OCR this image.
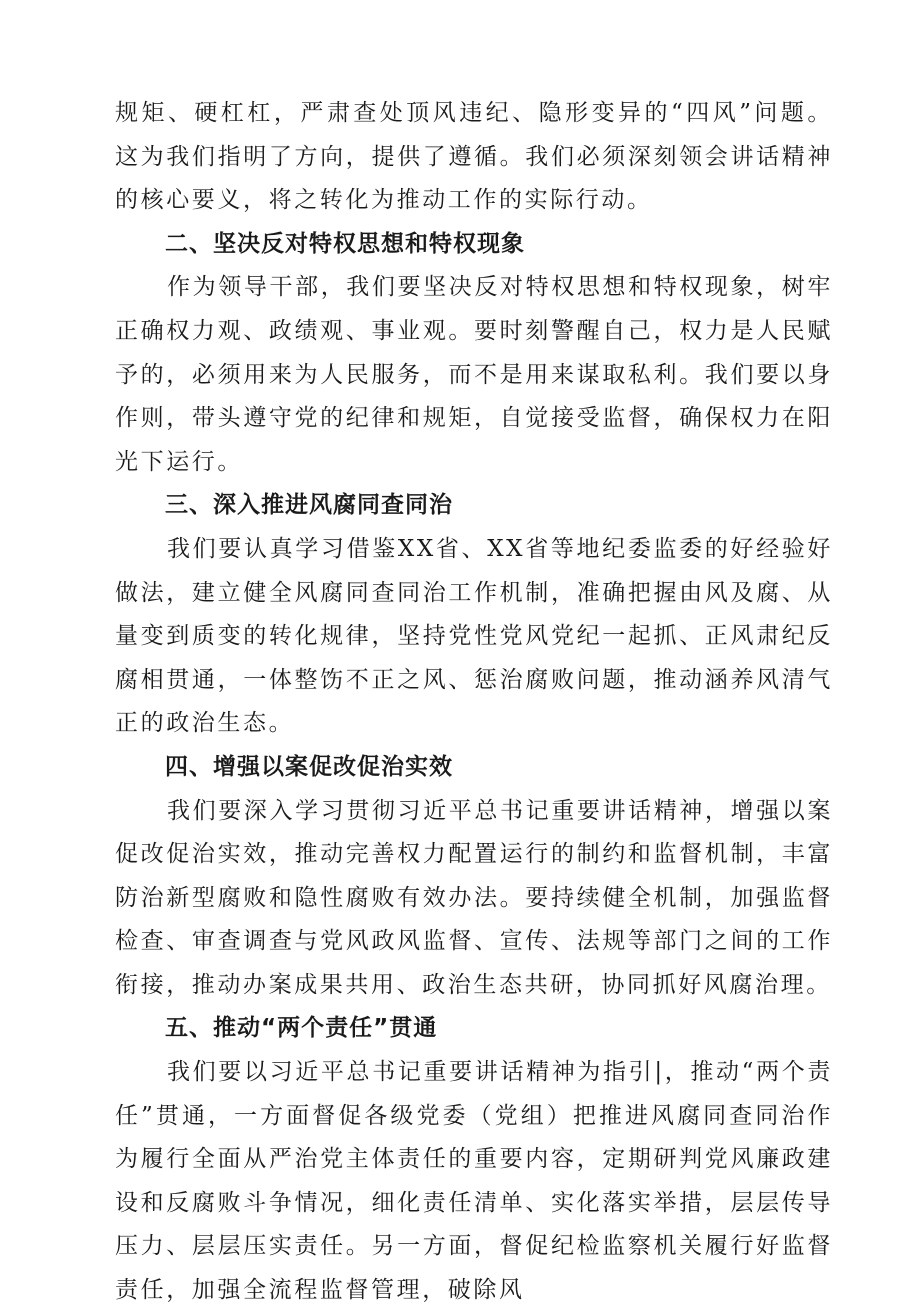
规矩、硬杠杠，严肃查处顶风违纪、隐形变异的“四风”问题。这为我们指明了方向，提供了遵循。我们必须深刻领会讲话精神的核心要义，将之转化为推动工作的实际行动。

二、坚决反对特权思想和特权现象

作为领导干部，我们要坚决反对特权思想和特权现象，树牢正确权力观、政绩观、事业观。要时刻警醒自己，权力是人民赋予的，必须用来为人民服务，而不是用来谋取私利。我们要以身作则，带头遵守党的纪律和规矩，自觉接受监督，确保权力在阳光下运行。

三、深入推进风腐同查同治

我们要认真学习借鉴XX省、XX省等地纪委监委的好经验好做法，建立健全风腐同查同治工作机制，准确把握由风及腐、从量变到质变的转化规律，坚持党性党风党纪一起抓、正风肃纪反腐相贯通，一体整饬不正之风、惩治腐败问题，推动涵养风清气正的政治生态。

四、增强以案促改促治实效

我们要深入学习贯彻习近平总书记重要讲话精神，增强以案促改促治实效，推动完善权力配置运行的制约和监督机制，丰富防治新型腐败和隐性腐败有效办法。要持续健全机制，加强监督检查、审查调查与党风政风监督、宣传、法规等部门之间的工作衔接，推动办案成果共用、政治生态共研，协同抓好风腐治理。

五、推动“两个责任”贯通

我们要以习近平总书记重要讲话精神为指引|，推动“两个责任”贯通，一方面督促各级党委（党组）把推进风腐同查同治作为履行全面从严治党主体责任的重要内容，定期研判党风廉政建设和反腐败斗争情况，细化责任清单、实化落实举措，层层传导压力、层层压实责任。另一方面，督促纪检监察机关履行好监督责任，加强全流程监督管理，破除风
